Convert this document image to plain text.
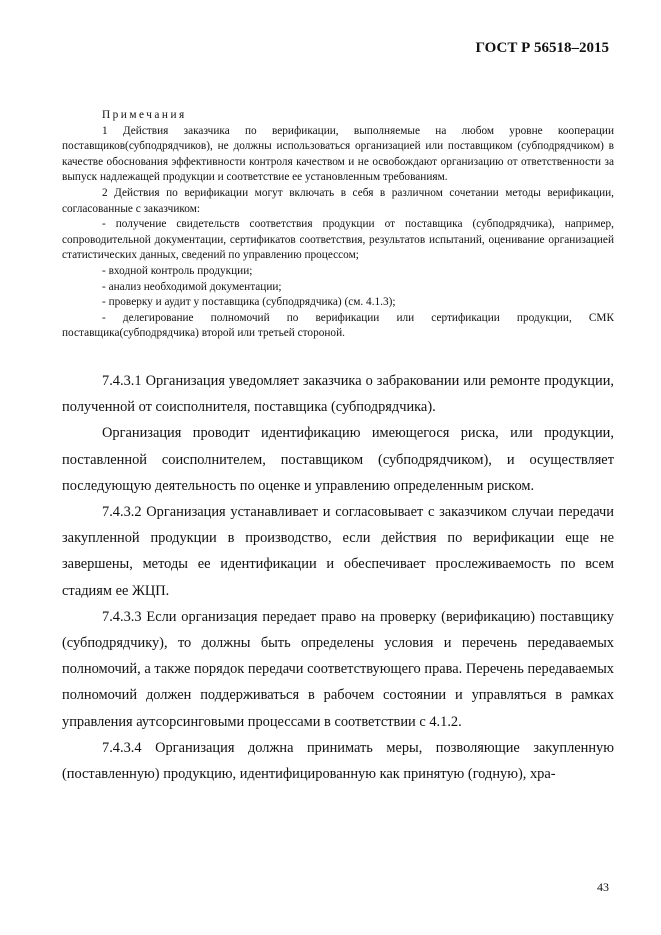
ГОСТ Р 56518–2015

Примечания

1 Действия заказчика по верификации, выполняемые на любом уровне кооперации поставщиков(субподрядчиков), не должны использоваться организацией или поставщиком (субподрядчиком) в качестве обоснования эффективности контроля качеством и не освобождают организацию от ответственности за выпуск надлежащей продукции и соответствие ее установленным требованиям.

2 Действия по верификации могут включать в себя в различном сочетании методы верификации, согласованные с заказчиком:

- получение свидетельств соответствия продукции от поставщика (субподрядчика), например, сопроводительной документации, сертификатов соответствия, результатов испытаний, оценивание организацией статистических данных, сведений по управлению процессом;

- входной контроль продукции;

- анализ необходимой документации;

- проверку и аудит у поставщика (субподрядчика) (см. 4.1.3);

- делегирование полномочий по верификации или сертификации продукции, СМК поставщика(субподрядчика) второй или третьей стороной.

7.4.3.1 Организация уведомляет заказчика о забраковании или ремонте продукции, полученной от соисполнителя, поставщика (субподрядчика).

Организация проводит идентификацию имеющегося риска, или продукции, поставленной соисполнителем, поставщиком (субподрядчиком), и осуществляет последующую деятельность по оценке и управлению определенным риском.

7.4.3.2 Организация устанавливает и согласовывает с заказчиком случаи передачи закупленной продукции в производство, если действия по верификации еще не завершены, методы ее идентификации и обеспечивает прослеживаемость по всем стадиям ее ЖЦП.

7.4.3.3 Если организация передает право на проверку (верификацию) поставщику (субподрядчику), то должны быть определены условия и перечень передаваемых полномочий, а также порядок передачи соответствующего права. Перечень передаваемых полномочий должен поддерживаться в рабочем состоянии и управляться в рамках управления аутсорсинговыми процессами в соответствии с 4.1.2.

7.4.3.4 Организация должна принимать меры, позволяющие закупленную (поставленную) продукцию, идентифицированную как принятую (годную), хра-

43
